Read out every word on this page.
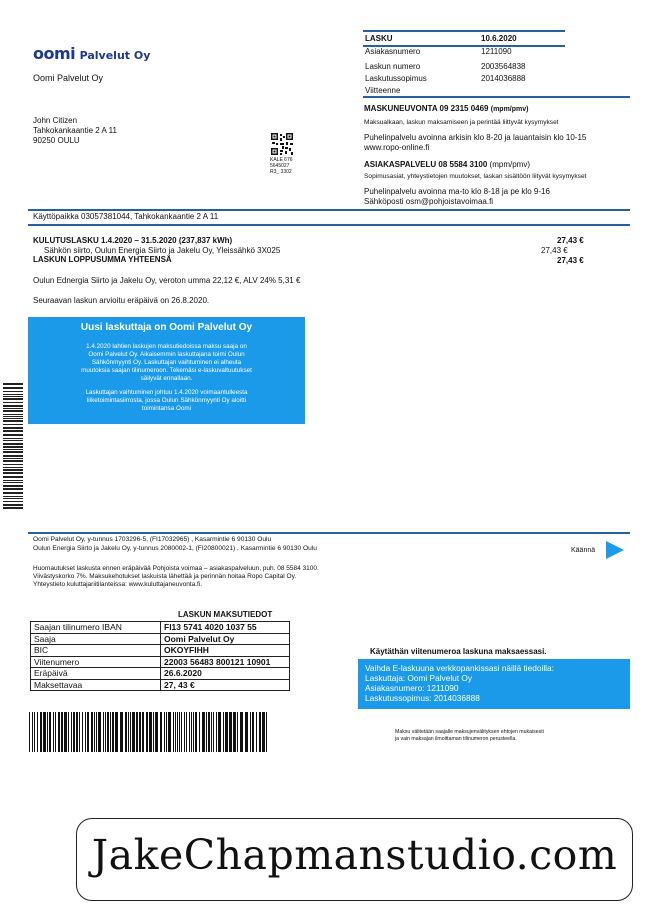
oomi Palvelut Oy
Oomi Palvelut Oy
John Citizen
Tahkokankaantie 2 A 11
90250 OULU
KALE 676
5645027
R3_ 3302
LASKU	10.6.2020
Asiakasnumero	1211090
Laskun numero	2003564838
Laskutussopimus	2014036888
Viitteenne
MASKUNEUVONTA 09 2315 0469 (mpm/pmv)
Maksualkaan, laskun maksamiseen ja perintää liittyvät kysymykset
Puhelinpalvelu avoinna arkisin klo 8-20 ja lauantaisin klo 10-15
www.ropo-online.fi
ASIAKASPALVELU 08 5584 3100 (mpm/pmv)
Sopimusasiat, yhteystietojen muutokset, laskan sisältöön liityvät kysymykset
Puhelinpalvelu avoinna ma-to klo 8-18 ja pe klo 9-16
Sähköposti osm@pohjoistavoimaa.fi
Käyttöpaikka 03057381044, Tahkokankaantie 2 A 11
KULUTUSLASKU 1.4.2020 – 31.5.2020 (237,837 kWh)	27,43 €
Sähkön siirto, Oulun Energia Siirto ja Jakelu Oy, Yleissähkö 3X025	27,43 €
LASKUN LOPPUSUMMA YHTEENSÄ	27,43 €
Oulun Ednergia Siirto ja Jakelu Oy, veroton umma 22,12 €, ALV 24% 5,31 €
Seuraavan laskun arvioitu eräpäivä on 26.8.2020.
Uusi laskuttaja on Oomi Palvelut Oy
1.4.2020 lahtien laskujen maksutiedoissa maksu saaja on
Oomi Palvelut Oy. Aikaisemmin laskuttajana toimi Oulun
Sähkönmyynti Oy. Laskuttajan vaihtuminen ei alheuta
muutoksia saajan tilinumeroon. Tekemäsi e-laskuvaltuutukset
säilyvät ennallaan.
Laskuttajan vaihtuminen johtuu 1.4.2020 voimaantulleesta
liiketoimintasiirrosta, jossa Oulun Sähkönmyynti Oy aloitti
toimintansa Oomi
Oomi Palvelut Oy, y-tunnus 1703296-5, (FI17032965) , Kasarmintie 6 90130 Oulu
Oulun Energia Siirto ja Jakelu Oy, y-tunnus 2080002-1, (FI20800021) , Kasarmintie 6 90130 Oulu	Käännä
Huomautukset laskusta ennen eräpäivää Pohjoista voimaa – asiakaspalveluun, puh. 08 5584 3100.
Viivästyskorko 7%. Maksukehotukset laskuista lähettää ja perinnän hoitaa Ropo Capital Oy.
Yhteystieto kuluttajariitilanteissa: www.kuluttajaneuvonta.fi.
LASKUN MAKSUTIEDOT
Saajan tilinumero IBAN	FI13 5741 4020 1037 55
Saaja	Oomi Palvelut Oy
BIC	OKOYFIHH
Viitenumero	22003 56483 800121 10901
Eräpäivä	26.6.2020
Maksettavaa	27, 43 €
Käytäthän viitenumeroa laskuna maksaessasi.
Vaihda E-laskuuna verkkopankissasi näillä tiedoilla:
Laskuttaja: Oomi Palvelut Oy
Asiakasnumero: 1211090
Laskutussopimus: 2014036888
Maksu välitetään saajalle maksujenvälityksen ehtojen mukaisesti
ja vain maksajan ilmoittaman tilinumeron perusteella.
JakeChapmanstudio.com
